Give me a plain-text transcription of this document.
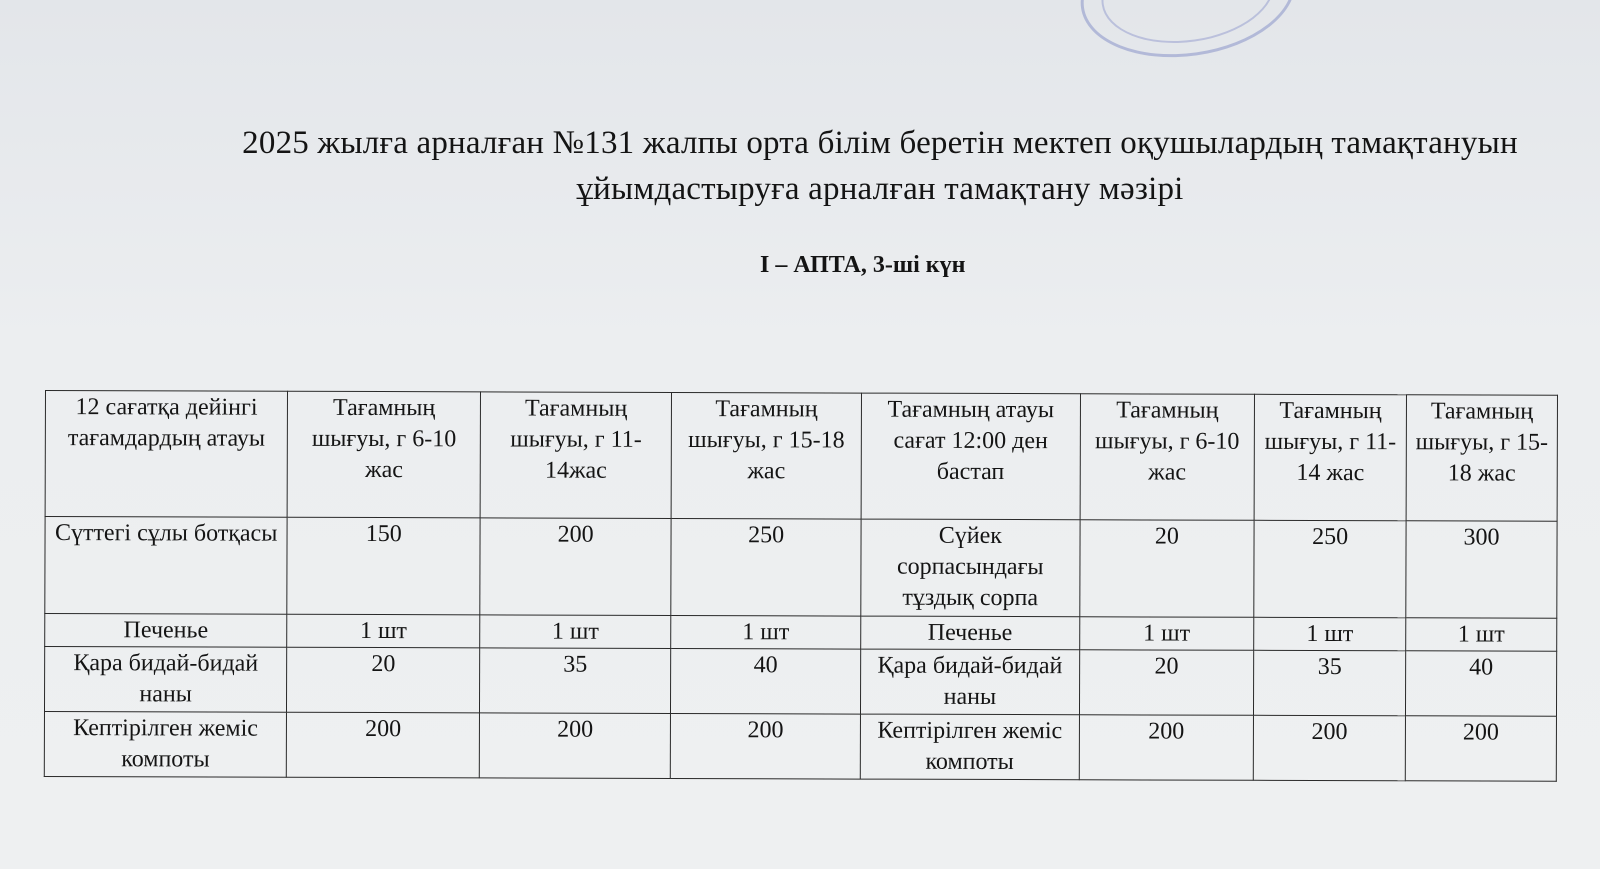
2025 жылға арналған №131 жалпы орта білім беретін мектеп оқушылардың тамақтануын ұйымдастыруға арналған тамақтану мәзірі
І – АПТА, 3-ші күн
12 сағатқа дейінгі тағамдардың атауы	Тағамның шығуы, г 6-10 жас	Тағамның шығуы, г 11-14жас	Тағамның шығуы, г 15-18 жас	Тағамның атауы сағат 12:00 ден бастап	Тағамның шығуы, г 6-10 жас	Тағамның шығуы, г 11-14 жас	Тағамның шығуы, г 15-18 жас
Сүттегі сұлы ботқасы	150	200	250	Сүйек сорпасындағы тұздық сорпа	20	250	300
Печенье	1 шт	1 шт	1 шт	Печенье	1 шт	1 шт	1 шт
Қара бидай-бидай наны	20	35	40	Қара бидай-бидай наны	20	35	40
Кептірілген жеміс компоты	200	200	200	Кептірілген жеміс компоты	200	200	200
